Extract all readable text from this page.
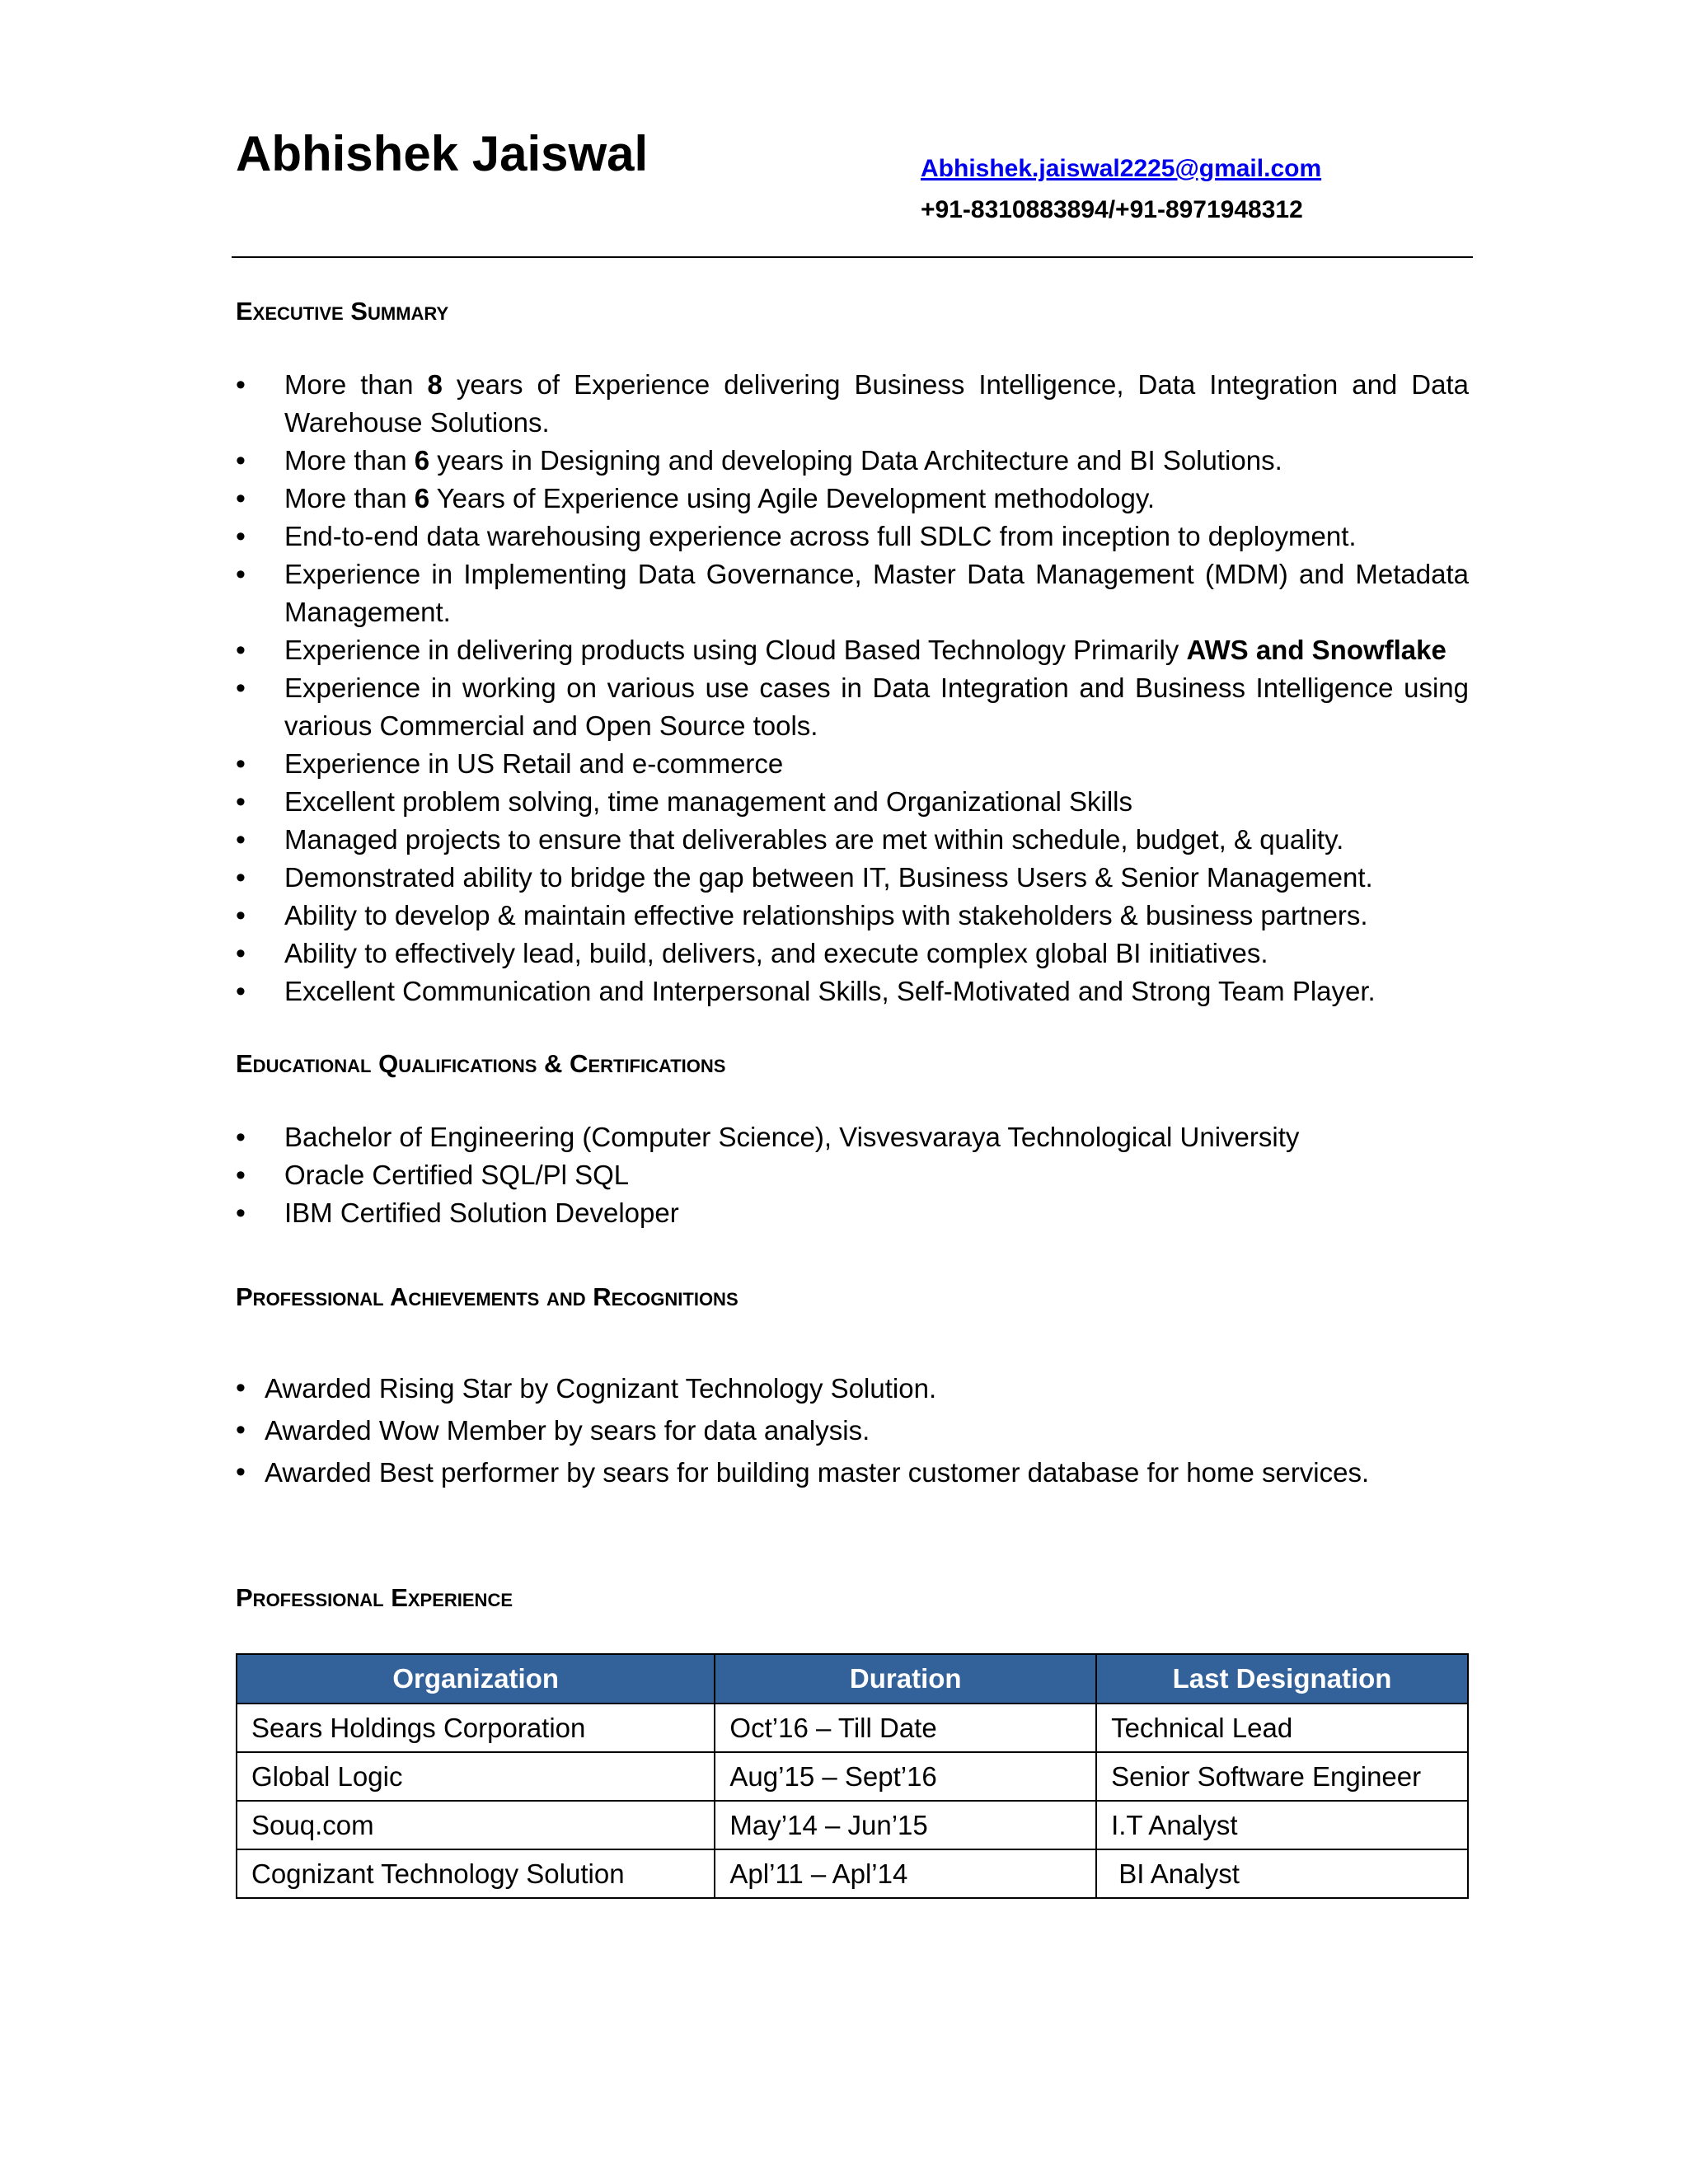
Abhishek Jaiswal	Abhishek.jaiswal2225@gmail.com
+91-8310883894/+91-8971948312
Executive Summary
• More than 8 years of Experience delivering Business Intelligence, Data Integration and Data Warehouse Solutions.
• More than 6 years in Designing and developing Data Architecture and BI Solutions.
• More than 6 Years of Experience using Agile Development methodology.
• End-to-end data warehousing experience across full SDLC from inception to deployment.
• Experience in Implementing Data Governance, Master Data Management (MDM) and Metadata Management.
• Experience in delivering products using Cloud Based Technology Primarily AWS and Snowflake
• Experience in working on various use cases in Data Integration and Business Intelligence using various Commercial and Open Source tools.
• Experience in US Retail and e-commerce
• Excellent problem solving, time management and Organizational Skills
• Managed projects to ensure that deliverables are met within schedule, budget, & quality.
• Demonstrated ability to bridge the gap between IT, Business Users & Senior Management.
• Ability to develop & maintain effective relationships with stakeholders & business partners.
• Ability to effectively lead, build, delivers, and execute complex global BI initiatives.
• Excellent Communication and Interpersonal Skills, Self-Motivated and Strong Team Player.
Educational Qualifications & Certifications
• Bachelor of Engineering (Computer Science), Visvesvaraya Technological University
• Oracle Certified SQL/Pl SQL
• IBM Certified Solution Developer
Professional Achievements and Recognitions
• Awarded Rising Star by Cognizant Technology Solution.
• Awarded Wow Member by sears for data analysis.
• Awarded Best performer by sears for building master customer database for home services.
Professional Experience
Organization	Duration	Last Designation
Sears Holdings Corporation	Oct’16 – Till Date	Technical Lead
Global Logic	Aug’15 – Sept’16	Senior Software Engineer
Souq.com	May’14 – Jun’15	I.T Analyst
Cognizant Technology Solution	Apl’11 – Apl’14	BI Analyst
